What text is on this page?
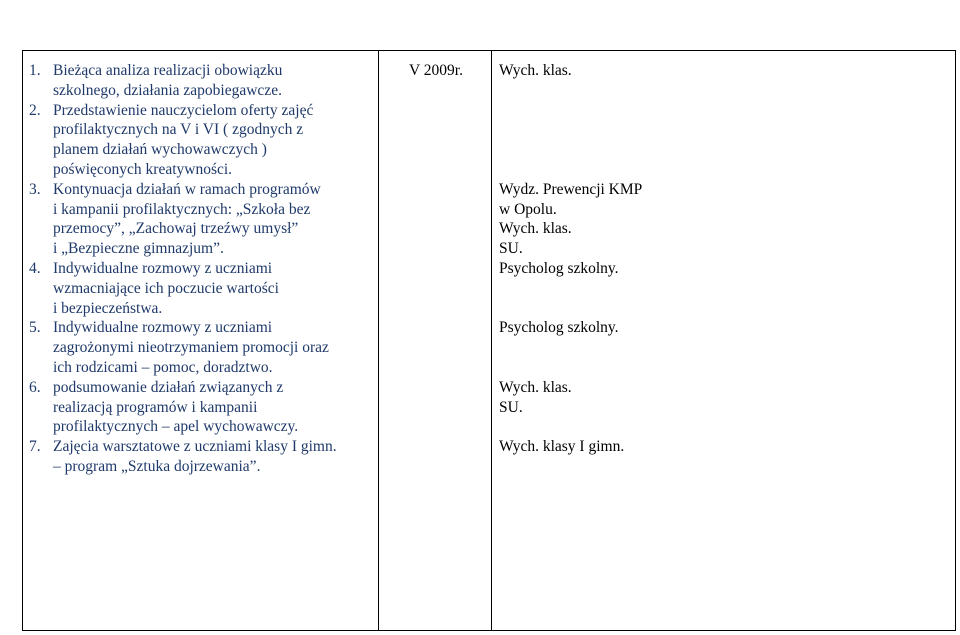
1. Bieżąca analiza realizacji obowiązku
szkolnego, działania zapobiegawcze.
2. Przedstawienie nauczycielom oferty zajęć
profilaktycznych na V i VI ( zgodnych z
planem działań wychowawczych )
poświęconych kreatywności.
3. Kontynuacja działań w ramach programów
i kampanii profilaktycznych: „Szkoła bez
przemocy”, „Zachowaj trzeźwy umysł”
i „Bezpieczne gimnazjum”.
4. Indywidualne rozmowy z uczniami
wzmacniające ich poczucie wartości
i bezpieczeństwa.
5. Indywidualne rozmowy z uczniami
zagrożonymi nieotrzymaniem promocji oraz
ich rodzicami – pomoc, doradztwo.
6. podsumowanie działań związanych z
realizacją programów i kampanii
profilaktycznych – apel wychowawczy.
7. Zajęcia warsztatowe z uczniami klasy I gimn.
– program „Sztuka dojrzewania”.
V 2009r. Wych. klas.
Wydz. Prewencji KMP
w Opolu.
Wych. klas.
SU.
Psycholog szkolny.
Psycholog szkolny.
Wych. klas.
SU.
Wych. klasy I gimn.
